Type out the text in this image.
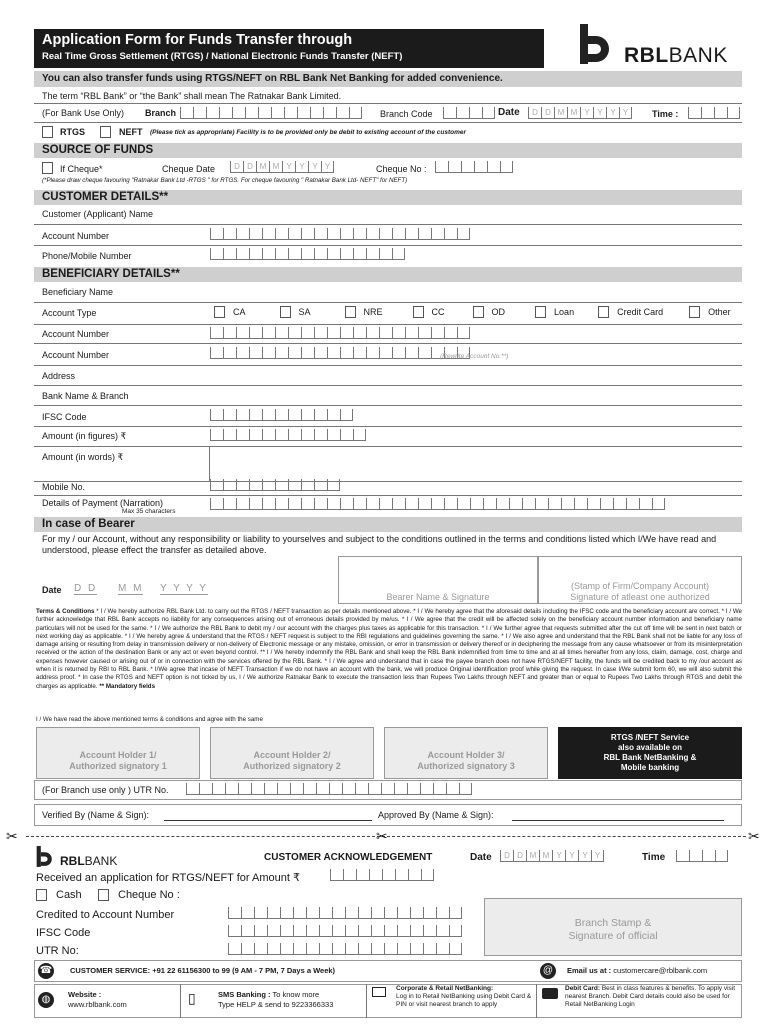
Application Form for Funds Transfer through
Real Time Gross Settlement (RTGS) / National Electronic Funds Transfer (NEFT)	RBLBANK
You can also transfer funds using RTGS/NEFT on RBL Bank Net Banking for added convenience.
The term “RBL Bank” or “the Bank” shall mean The Ratnakar Bank Limited.
(For Bank Use Only) Branch	Branch Code	Date	D D M M Y Y Y Y	Time :
RTGS	NEFT (Please tick as appropriate) Facility is to be provided only be debit to existing account of the customer
SOURCE OF FUNDS
If Cheque*	Cheque Date	D D M M Y Y Y Y	Cheque No :
(*Please draw cheque favouring "Ratnakar Bank Ltd -RTGS " for RTGS. For cheque favouring " Ratnakar Bank Ltd- NEFT" for NEFT)
CUSTOMER DETAILS**
Customer (Applicant) Name
Account Number
Phone/Mobile Number
BENEFICIARY DETAILS**
Beneficiary Name
Account Type	CA	SA	NRE	CC	OD	Loan	Credit Card	Other
Account Number
Account Number	(Rewrite Account No.**)
Address
Bank Name & Branch
IFSC Code
Amount (in figures) ₹
Amount (in words) ₹
Mobile No.
Details of Payment (Narration)
Max 35 characters
In case of Bearer
For my / our Account, without any responsibility or liability to yourselves and subject to the conditions outlined in the terms and conditions listed which I/We have read and understood, please effect the transfer as detailed above.
Date D D M M Y Y Y Y
Bearer Name & Signature
(Stamp of Firm/Company Account)
Signature of atleast one authorized
Terms & Conditions * I / We hereby authorize RBL Bank Ltd. to carry out the RTGS / NEFT transaction as per details mentioned above. * I / We hereby agree that the aforesaid details including the IFSC code and the beneficiary account are correct. * I / We further acknowledge that RBL Bank accepts no liability for any consequences arising out of erroneous details provided by me/us. * I / We agree that the credit will be affected solely on the beneficiary account number information and beneficiary name particulars will not be used for the same. * I / We authorize the RBL Bank to debit my / our account with the charges plus taxes as applicable for this transaction. * I / We further agree that requests submitted after the cut off time will be sent in next batch or next working day as applicable. * I / We hereby agree & understand that the RTGS / NEFT request is subject to the RBI regulations and guidelines governing the same. * I / We also agree and understand that the RBL Bank shall not be liable for any loss of damage arising or resulting from delay in transmission delivery or non-delivery of Electronic message or any mistake, omission, or error in transmission or delivery thereof or in deciphering the message from any cause whatsoever or from its misinterpretation received or the action of the destination Bank or any act or even beyond control. ** I / We hereby indemnify the RBL Bank and shall keep the RBL Bank indemnified from time to time and at all times hereafter from any loss, claim, damage, cost, charge and expenses however caused or arising out of or in connection with the services offered by the RBL Bank. * I / We agree and understand that in case the payee branch does not have RTGS/NEFT facility, the funds will be credited back to my /our account as when it is returned by RBI to RBL Bank. * I/We agree that incase of NEFT Transaction if we do not have an account with the bank, we will produce Original identification proof while giving the request. In case I/We submit form 60, we will also submit the address proof. * In case the RTGS and NEFT option is not ticked by us, I / We authorize Ratnakar Bank to execute the transaction less than Rupees Two Lakhs through NEFT and greater than or equal to Rupees Two Lakhs through RTGS and debit the charges as applicable. ** Mandatory fields
I / We have read the above mentioned terms & conditions and agree with the same
Account Holder 1/
Authorized signatory 1
Account Holder 2/
Authorized signatory 2
Account Holder 3/
Authorized signatory 3
RTGS /NEFT Service
also available on
RBL Bank NetBanking &
Mobile banking
(For Branch use only ) UTR No.
Verified By (Name & Sign):	Approved By (Name & Sign):
✂	✂	✂
RBLBANK	CUSTOMER ACKNOWLEDGEMENT	Date	D D M M Y Y Y Y	Time
Received an application for RTGS/NEFT for Amount ₹
Cash	Cheque No :
Credited to Account Number
IFSC Code
UTR No:
Branch Stamp &
Signature of official
☎ CUSTOMER SERVICE: +91 22 61156300 to 99 (9 AM - 7 PM, 7 Days a Week)	@	Email us at : customercare@rblbank.com
◍	Website :
www.rblbank.com	▯	SMS Banking : To know more
Type HELP & send to 9223366333
Corporate & Retail NetBanking:
Log in to Retail NetBanking using Debit Card & PIN or visit nearest branch to apply
Debit Card: Best in class features & benefits. To apply visit nearest Branch. Debit Card details could also be used for Retail NetBanking Login
